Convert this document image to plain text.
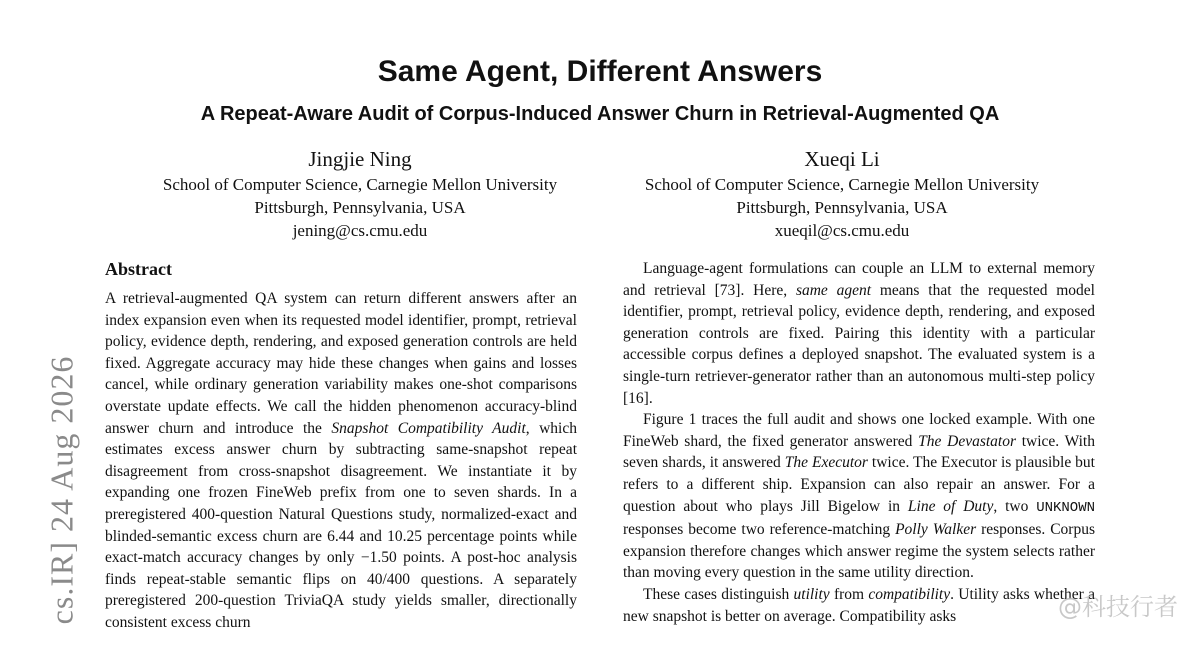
Same Agent, Different Answers
A Repeat-Aware Audit of Corpus-Induced Answer Churn in Retrieval-Augmented QA
Jingjie Ning
School of Computer Science, Carnegie Mellon University
Pittsburgh, Pennsylvania, USA
jening@cs.cmu.edu
Xueqi Li
School of Computer Science, Carnegie Mellon University
Pittsburgh, Pennsylvania, USA
xueqil@cs.cmu.edu
cs.IR] 24 Aug 2026
Abstract

A retrieval-augmented QA system can return different answers after an index expansion even when its requested model identifier, prompt, retrieval policy, evidence depth, rendering, and exposed generation controls are held fixed. Aggregate accuracy may hide these changes when gains and losses cancel, while ordinary generation variability makes one-shot comparisons overstate update effects. We call the hidden phenomenon accuracy-blind answer churn and introduce the Snapshot Compatibility Audit, which estimates excess answer churn by subtracting same-snapshot repeat disagreement from cross-snapshot disagreement. We instantiate it by expanding one frozen FineWeb prefix from one to seven shards. In a preregistered 400-question Natural Questions study, normalized-exact and blinded-semantic excess churn are 6.44 and 10.25 percentage points while exact-match accuracy changes by only −1.50 points. A post-hoc analysis finds repeat-stable semantic flips on 40/400 questions. A separately preregistered 200-question TriviaQA study yields smaller, directionally consistent excess churn

Language-agent formulations can couple an LLM to external memory and retrieval [73]. Here, same agent means that the requested model identifier, prompt, retrieval policy, evidence depth, rendering, and exposed generation controls are fixed. Pairing this identity with a particular accessible corpus defines a deployed snapshot. The evaluated system is a single-turn retriever-generator rather than an autonomous multi-step policy [16].

Figure 1 traces the full audit and shows one locked example. With one FineWeb shard, the fixed generator answered The Devastator twice. With seven shards, it answered The Executor twice. The Executor is plausible but refers to a different ship. Expansion can also repair an answer. For a question about who plays Jill Bigelow in Line of Duty, two UNKNOWN responses become two reference-matching Polly Walker responses. Corpus expansion therefore changes which answer regime the system selects rather than moving every question in the same utility direction.

These cases distinguish utility from compatibility. Utility asks whether a new snapshot is better on average. Compatibility asks	@科技行者
